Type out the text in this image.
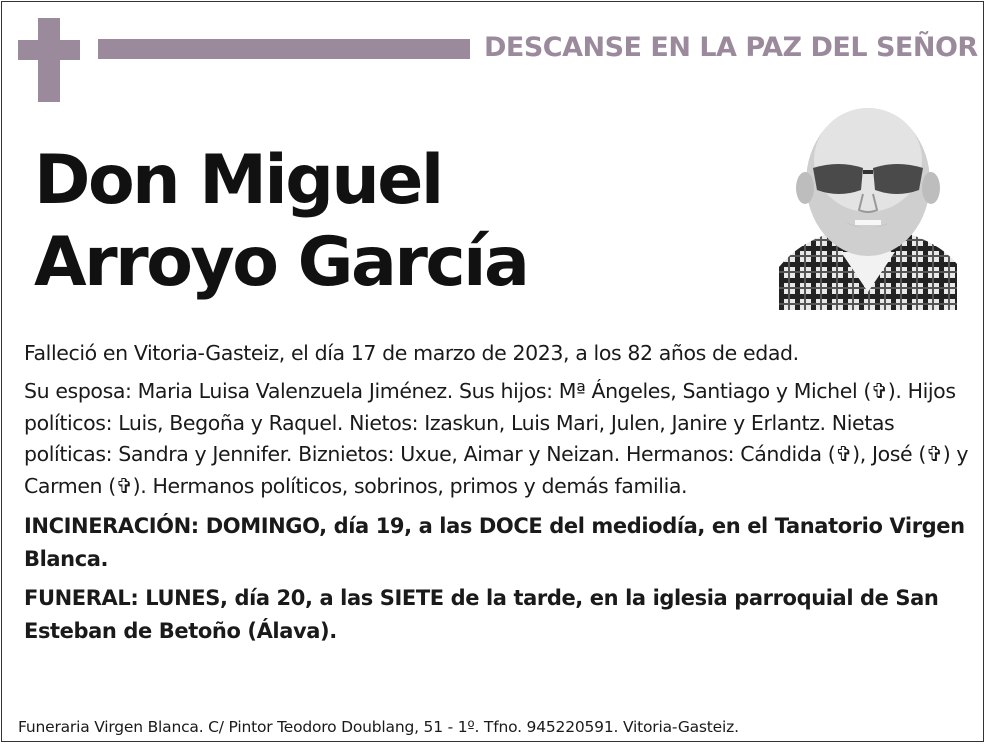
DESCANSE EN LA PAZ DEL SEÑOR
Don Miguel
Arroyo García

Falleció en Vitoria-Gasteiz, el día 17 de marzo de 2023, a los 82 años de edad.

Su esposa: Maria Luisa Valenzuela Jiménez. Sus hijos: Mª Ángeles, Santiago y Michel (✞). Hijos políticos: Luis, Begoña y Raquel. Nietos: Izaskun, Luis Mari, Julen, Janire y Erlantz. Nietas políticas: Sandra y Jennifer. Biznietos: Uxue, Aimar y Neizan. Hermanos: Cándida (✞), José (✞) y Carmen (✞). Hermanos políticos, sobrinos, primos y demás familia.

INCINERACIÓN: DOMINGO, día 19, a las DOCE del mediodía, en el Tanatorio Virgen Blanca.

FUNERAL: LUNES, día 20, a las SIETE de la tarde, en la iglesia parroquial de San Esteban de Betoño (Álava).

Funeraria Virgen Blanca. C/ Pintor Teodoro Doublang, 51 - 1º. Tfno. 945220591. Vitoria-Gasteiz.
